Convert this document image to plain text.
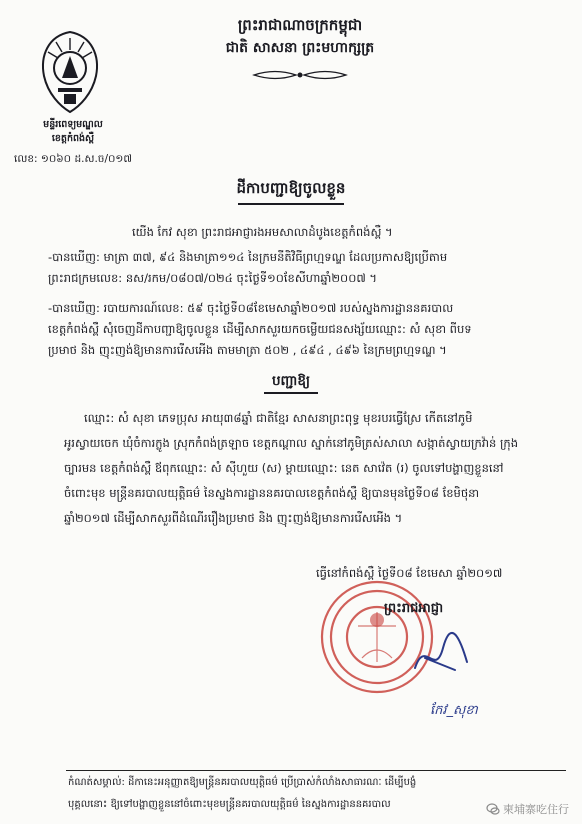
មន្ទីរពេទ្យមណ្ឌល
ខេត្តកំពង់ស្ពឺ
លេខ: ១០៦០ ដ.ស.ច/០១៧
ព្រះរាជាណាចក្រកម្ពុជា
ជាតិ សាសនា ព្រះមហាក្សត្រ
ដីកាបញ្ជាឱ្យចូលខ្លួន
យើង កែវ សុខា ព្រះរាជអាជ្ញារងអមសាលាដំបូងខេត្តកំពង់ស្ពឺ ។
-បានឃើញ: មាត្រា ៣៧, ៩៤ និងមាត្រា១១៤ នៃក្រមនីតិវិធីព្រហ្មទណ្ឌ ដែលប្រកាសឱ្យប្រើតាម
ព្រះរាជក្រមលេខ: នស/រកម/០៨០៧/០២៤ ចុះថ្ងៃទី១០ខែសីហាឆ្នាំ២០០៧ ។
-បានឃើញ: របាយការណ៍លេខ: ៥៩ ចុះថ្ងៃទី០៨ខែមេសាឆ្នាំ២០១៧ របស់ស្នងការដ្ឋាននគរបាល
ខេត្តកំពង់ស្ពឺ សុំចេញដីកាបញ្ជាឱ្យចូលខ្លួន ដើម្បីសាកសួរយកចម្លើយជនសង្ស័យឈ្មោះ: សំ សុខា ពីបទ
ប្រមាថ និង ញុះញង់ឱ្យមានការរើសអើង តាមមាត្រា ៥០២ , ៤៩៤ , ៤៩៦ នៃក្រមព្រហ្មទណ្ឌ ។
បញ្ជាឱ្យ
ឈ្មោះ: សំ សុខា ភេទប្រុស អាយុ៣៨ឆ្នាំ ជាតិខ្មែរ សាសនាព្រះពុទ្ធ មុខរបរធ្វើស្រែ កើតនៅភូមិ
អូរស្វាយចេក ឃុំចំការក្លូង ស្រុកកំពង់ត្រឡាច ខេត្តកណ្ដាល ស្នាក់នៅភូមិត្រស់សាលា សង្កាត់ស្វាយក្រវ៉ាន់ ក្រុង
ច្បារមន ខេត្តកំពង់ស្ពឺ ឪពុកឈ្មោះ: សំ ស៊ីហួយ (ស) ម្ដាយឈ្មោះ: នេត សាវ៉េត (រ) ចូលទៅបង្ហាញខ្លួននៅ
ចំពោះមុខ មន្ត្រីនគរបាលយុត្តិធម៌ នៃស្នងការដ្ឋាននគរបាលខេត្តកំពង់ស្ពឺ ឱ្យបានមុនថ្ងៃទី០៨ ខែមិថុនា
ឆ្នាំ២០១៧ ដើម្បីសាកសួរពីដំណើររឿងប្រមាថ និង ញុះញង់ឱ្យមានការរើសអើង ។
ធ្វើនៅកំពង់ស្ពឺ ថ្ងៃទី០៨ ខែមេសា ឆ្នាំ២០១៧
ព្រះរាជអាជ្ញា
កែវ_សុខា
កំណត់សម្គាល់: ដីកានេះអនុញ្ញាតឱ្យមន្ត្រីនគរបាលយុត្តិធម៌ ប្រើប្រាស់កំលាំងសាធារណៈ ដើម្បីបង្ខំ
បុគ្គលនោះ ឱ្យទៅបង្ហាញខ្លួននៅចំពោះមុខមន្ត្រីនគរបាលយុត្តិធម៌ នៃស្នងការដ្ឋាននគរបាល	柬埔寨吃住行
